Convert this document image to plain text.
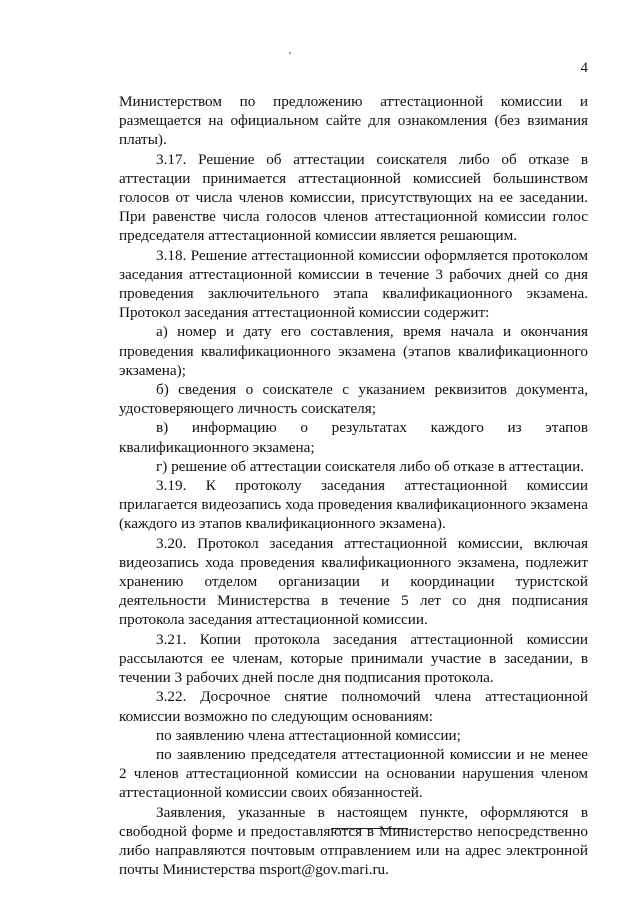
4

Министерством по предложению аттестационной комиссии и размещается на официальном сайте для ознакомления (без взимания платы).

3.17. Решение об аттестации соискателя либо об отказе в аттестации принимается аттестационной комиссией большинством голосов от числа членов комиссии, присутствующих на ее заседании. При равенстве числа голосов членов аттестационной комиссии голос председателя аттестационной комиссии является решающим.

3.18. Решение аттестационной комиссии оформляется протоколом заседания аттестационной комиссии в течение 3 рабочих дней со дня проведения заключительного этапа квалификационного экзамена. Протокол заседания аттестационной комиссии содержит:

а) номер и дату его составления, время начала и окончания проведения квалификационного экзамена (этапов квалификационного экзамена);

б) сведения о соискателе с указанием реквизитов документа, удостоверяющего личность соискателя;

в) информацию о результатах каждого из этапов квалификационного экзамена;

г) решение об аттестации соискателя либо об отказе в аттестации.

3.19. К протоколу заседания аттестационной комиссии прилагается видеозапись хода проведения квалификационного экзамена (каждого из этапов квалификационного экзамена).

3.20. Протокол заседания аттестационной комиссии, включая видеозапись хода проведения квалификационного экзамена, подлежит хранению отделом организации и координации туристской деятельности Министерства в течение 5 лет со дня подписания протокола заседания аттестационной комиссии.

3.21. Копии протокола заседания аттестационной комиссии рассылаются ее членам, которые принимали участие в заседании, в течении 3 рабочих дней после дня подписания протокола.

3.22. Досрочное снятие полномочий члена аттестационной комиссии возможно по следующим основаниям:

по заявлению члена аттестационной комиссии;

по заявлению председателя аттестационной комиссии и не менее 2 членов аттестационной комиссии на основании нарушения членом аттестационной комиссии своих обязанностей.

Заявления, указанные в настоящем пункте, оформляются в свободной форме и предоставляются в Министерство непосредственно либо направляются почтовым отправлением или на адрес электронной почты Министерства msport@gov.mari.ru.
